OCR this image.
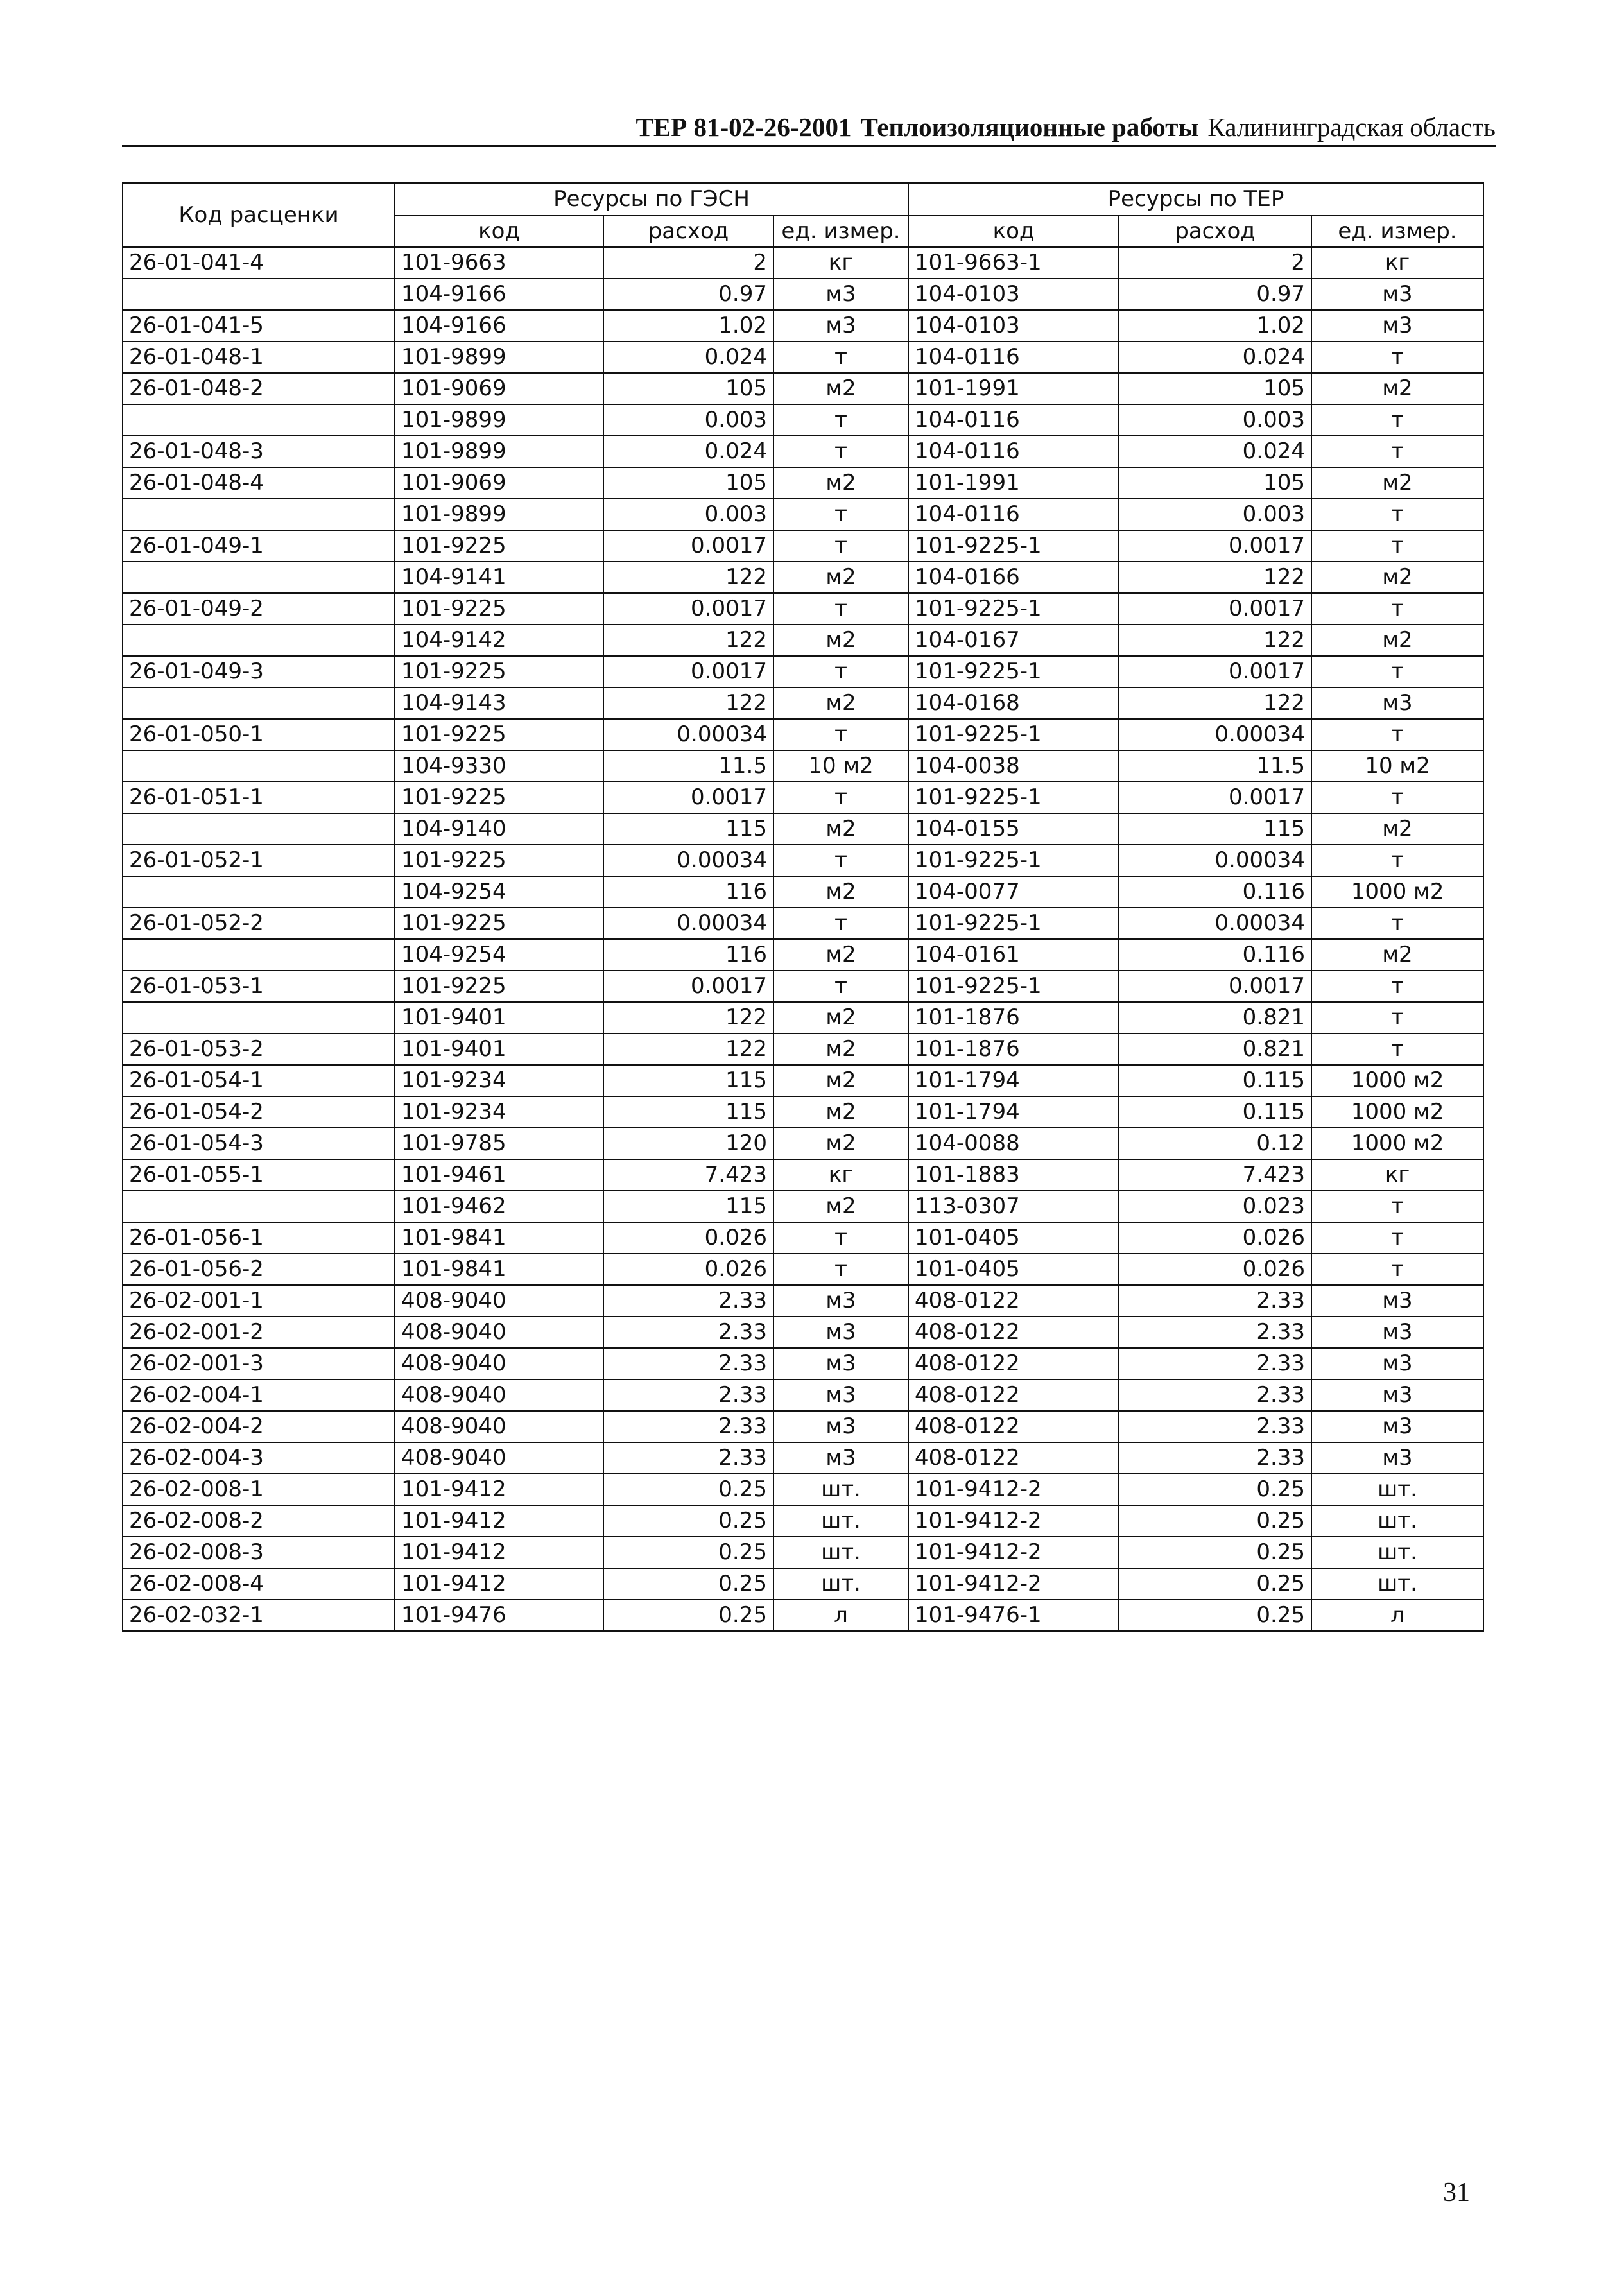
ТЕР 81-02-26-2001 Теплоизоляционные работы Калининградская область
Код расценки	Ресурсы по ГЭСН			Ресурсы по ТЕР		
	код	расход	ед. измер.	код	расход	ед. измер.
26-01-041-4	101-9663	2	кг	101-9663-1	2	кг
	104-9166	0.97	м3	104-0103	0.97	м3
26-01-041-5	104-9166	1.02	м3	104-0103	1.02	м3
26-01-048-1	101-9899	0.024	т	104-0116	0.024	т
26-01-048-2	101-9069	105	м2	101-1991	105	м2
	101-9899	0.003	т	104-0116	0.003	т
26-01-048-3	101-9899	0.024	т	104-0116	0.024	т
26-01-048-4	101-9069	105	м2	101-1991	105	м2
	101-9899	0.003	т	104-0116	0.003	т
26-01-049-1	101-9225	0.0017	т	101-9225-1	0.0017	т
	104-9141	122	м2	104-0166	122	м2
26-01-049-2	101-9225	0.0017	т	101-9225-1	0.0017	т
	104-9142	122	м2	104-0167	122	м2
26-01-049-3	101-9225	0.0017	т	101-9225-1	0.0017	т
	104-9143	122	м2	104-0168	122	м3
26-01-050-1	101-9225	0.00034	т	101-9225-1	0.00034	т
	104-9330	11.5	10 м2	104-0038	11.5	10 м2
26-01-051-1	101-9225	0.0017	т	101-9225-1	0.0017	т
	104-9140	115	м2	104-0155	115	м2
26-01-052-1	101-9225	0.00034	т	101-9225-1	0.00034	т
	104-9254	116	м2	104-0077	0.116	1000 м2
26-01-052-2	101-9225	0.00034	т	101-9225-1	0.00034	т
	104-9254	116	м2	104-0161	0.116	м2
26-01-053-1	101-9225	0.0017	т	101-9225-1	0.0017	т
	101-9401	122	м2	101-1876	0.821	т
26-01-053-2	101-9401	122	м2	101-1876	0.821	т
26-01-054-1	101-9234	115	м2	101-1794	0.115	1000 м2
26-01-054-2	101-9234	115	м2	101-1794	0.115	1000 м2
26-01-054-3	101-9785	120	м2	104-0088	0.12	1000 м2
26-01-055-1	101-9461	7.423	кг	101-1883	7.423	кг
	101-9462	115	м2	113-0307	0.023	т
26-01-056-1	101-9841	0.026	т	101-0405	0.026	т
26-01-056-2	101-9841	0.026	т	101-0405	0.026	т
26-02-001-1	408-9040	2.33	м3	408-0122	2.33	м3
26-02-001-2	408-9040	2.33	м3	408-0122	2.33	м3
26-02-001-3	408-9040	2.33	м3	408-0122	2.33	м3
26-02-004-1	408-9040	2.33	м3	408-0122	2.33	м3
26-02-004-2	408-9040	2.33	м3	408-0122	2.33	м3
26-02-004-3	408-9040	2.33	м3	408-0122	2.33	м3
26-02-008-1	101-9412	0.25	шт.	101-9412-2	0.25	шт.
26-02-008-2	101-9412	0.25	шт.	101-9412-2	0.25	шт.
26-02-008-3	101-9412	0.25	шт.	101-9412-2	0.25	шт.
26-02-008-4	101-9412	0.25	шт.	101-9412-2	0.25	шт.
26-02-032-1	101-9476	0.25	л	101-9476-1	0.25	л
31
